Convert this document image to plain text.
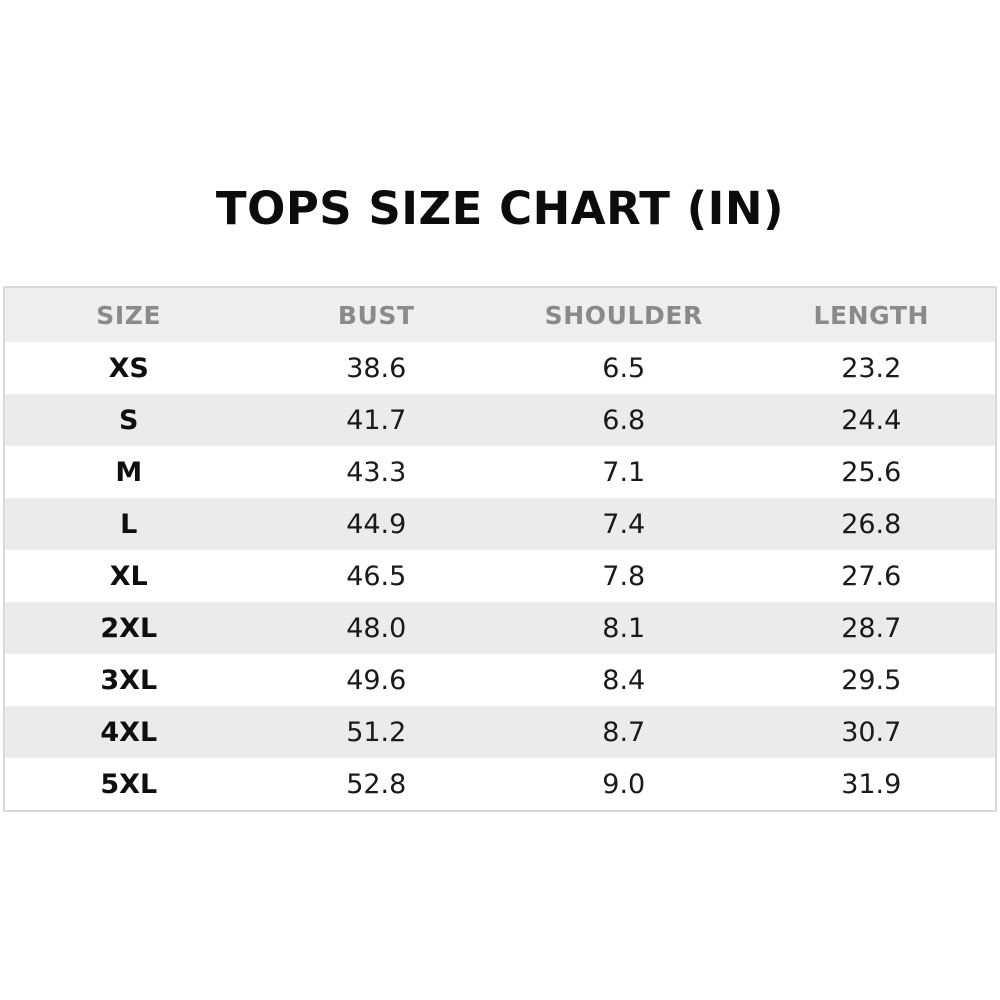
TOPS SIZE CHART (IN)
SIZE	BUST	SHOULDER	LENGTH
XS	38.6	6.5	23.2
S	41.7	6.8	24.4
M	43.3	7.1	25.6
L	44.9	7.4	26.8
XL	46.5	7.8	27.6
2XL	48.0	8.1	28.7
3XL	49.6	8.4	29.5
4XL	51.2	8.7	30.7
5XL	52.8	9.0	31.9
